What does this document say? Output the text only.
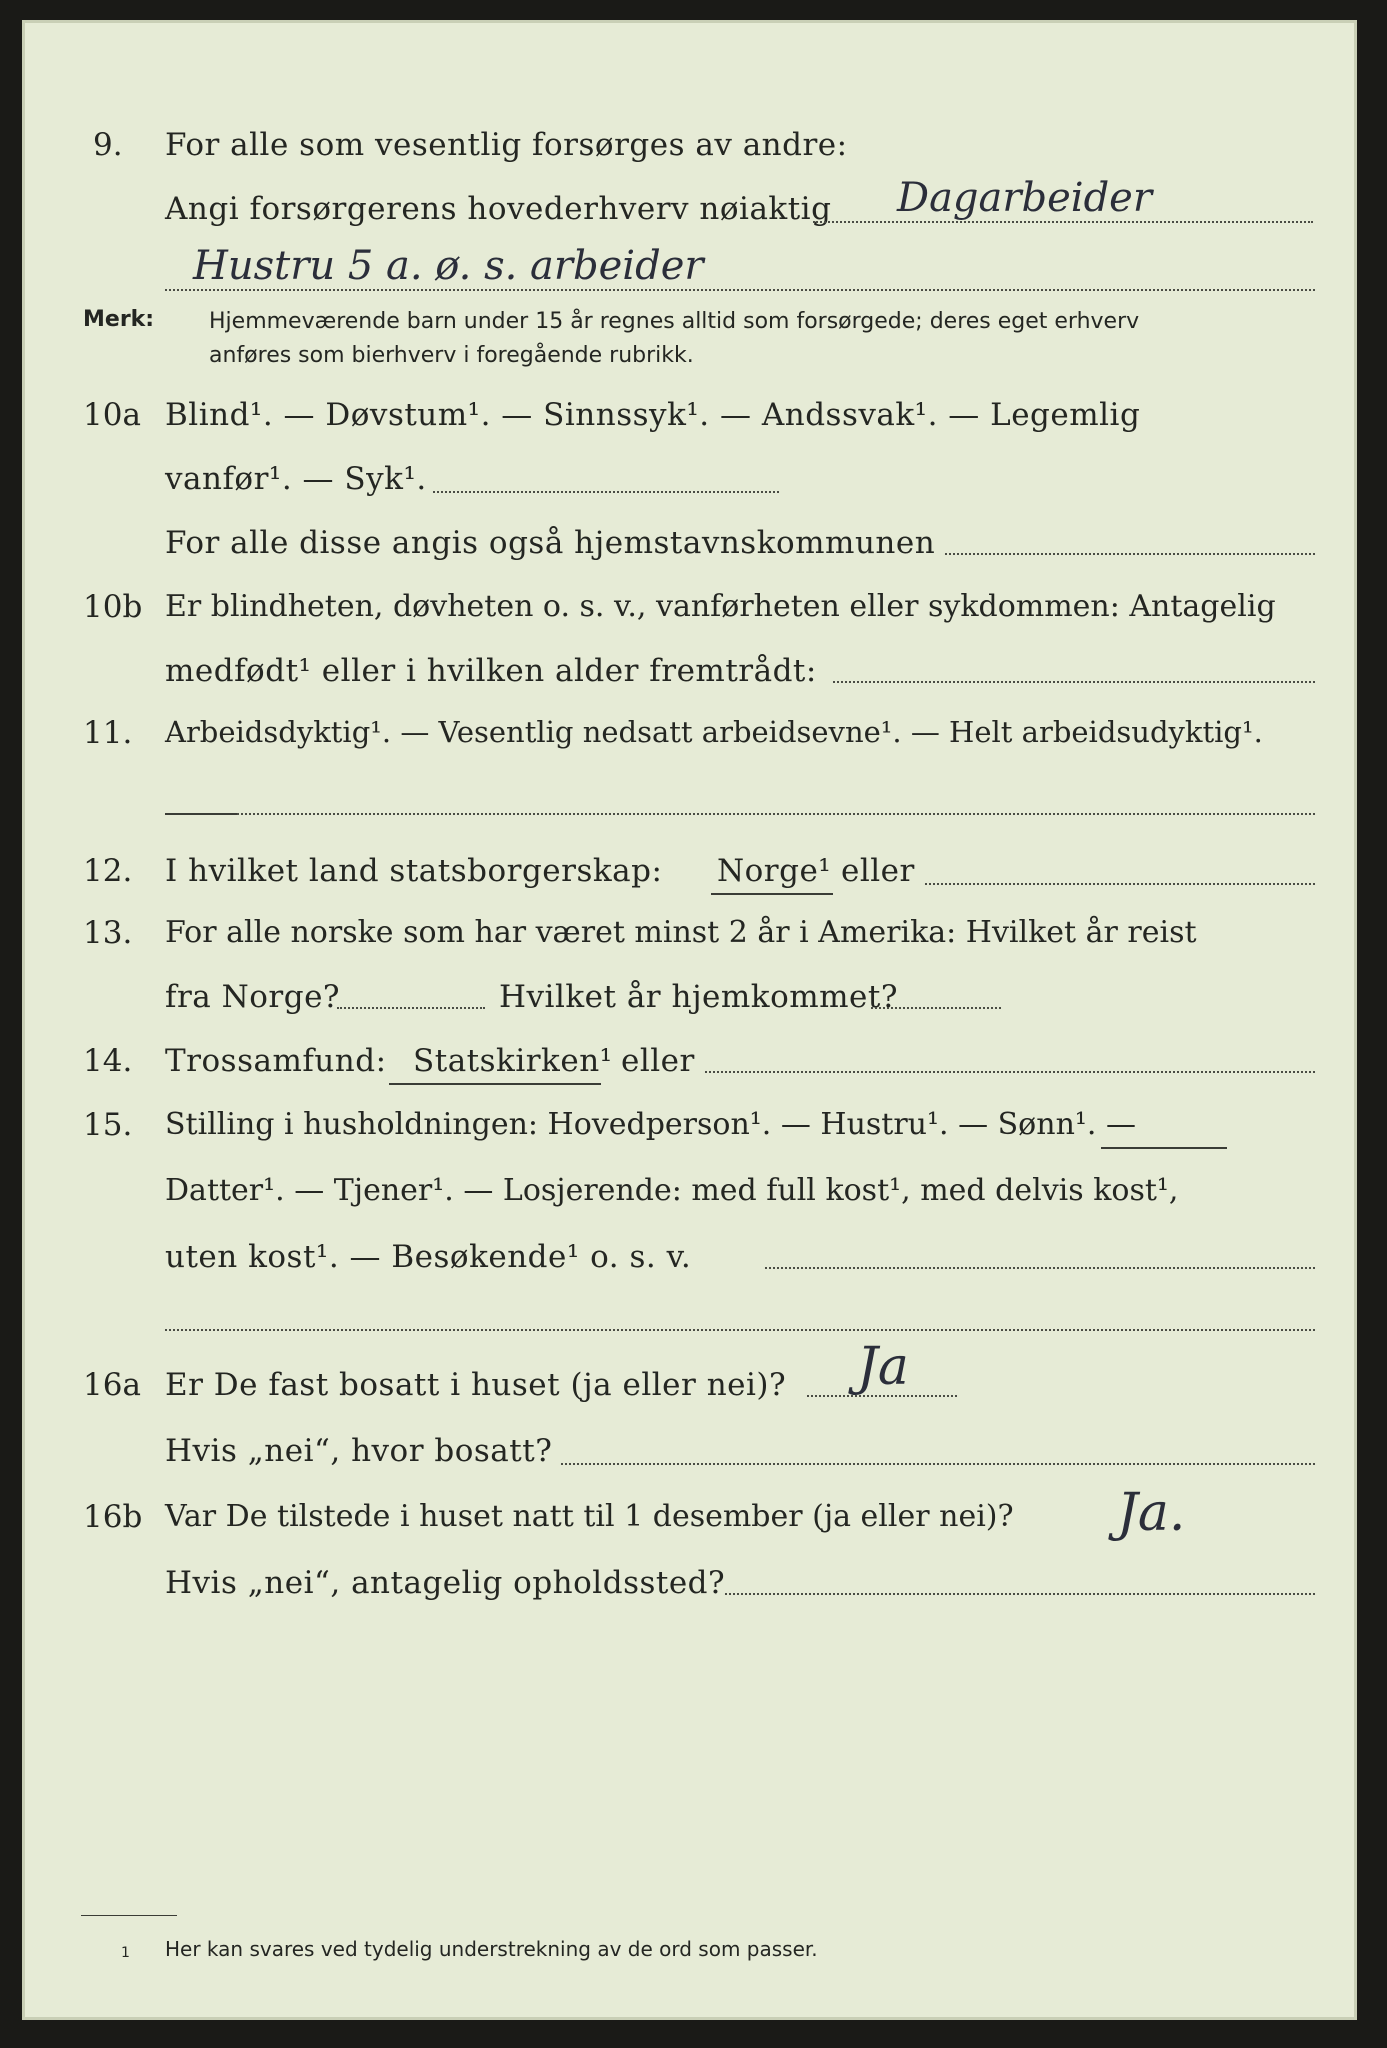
9. For alle som vesentlig forsørges av andre:
Angi forsørgerens hovederhverv nøiaktig Dagarbeider
Hustru 5 a. ø. s. arbeider
Merk: Hjemmeværende barn under 15 år regnes alltid som forsørgede; deres eget erhverv
anføres som bierhverv i foregående rubrikk.
10a Blind¹. — Døvstum¹. — Sinnssyk¹. — Andssvak¹. — Legemlig
vanfør¹. — Syk¹.
For alle disse angis også hjemstavnskommunen
10b Er blindheten, døvheten o. s. v., vanførheten eller sykdommen: Antagelig
medfødt¹ eller i hvilken alder fremtrådt:
11. Arbeidsdyktig¹. — Vesentlig nedsatt arbeidsevne¹. — Helt arbeidsudyktig¹.
12. I hvilket land statsborgerskap: Norge¹ eller
13. For alle norske som har været minst 2 år i Amerika: Hvilket år reist
fra Norge?	Hvilket år hjemkommet?
14. Trossamfund: Statskirken¹ eller
15. Stilling i husholdningen: Hovedperson¹. — Hustru¹. — Sønn¹. —
Datter¹. — Tjener¹. — Losjerende: med full kost¹, med delvis kost¹,
uten kost¹. — Besøkende¹ o. s. v.
16a Er De fast bosatt i huset (ja eller nei)? Ja
Hvis „nei“, hvor bosatt?
16b Var De tilstede i huset natt til 1 desember (ja eller nei)? Ja.
Hvis „nei“, antagelig opholdssted?
1 Her kan svares ved tydelig understrekning av de ord som passer.
